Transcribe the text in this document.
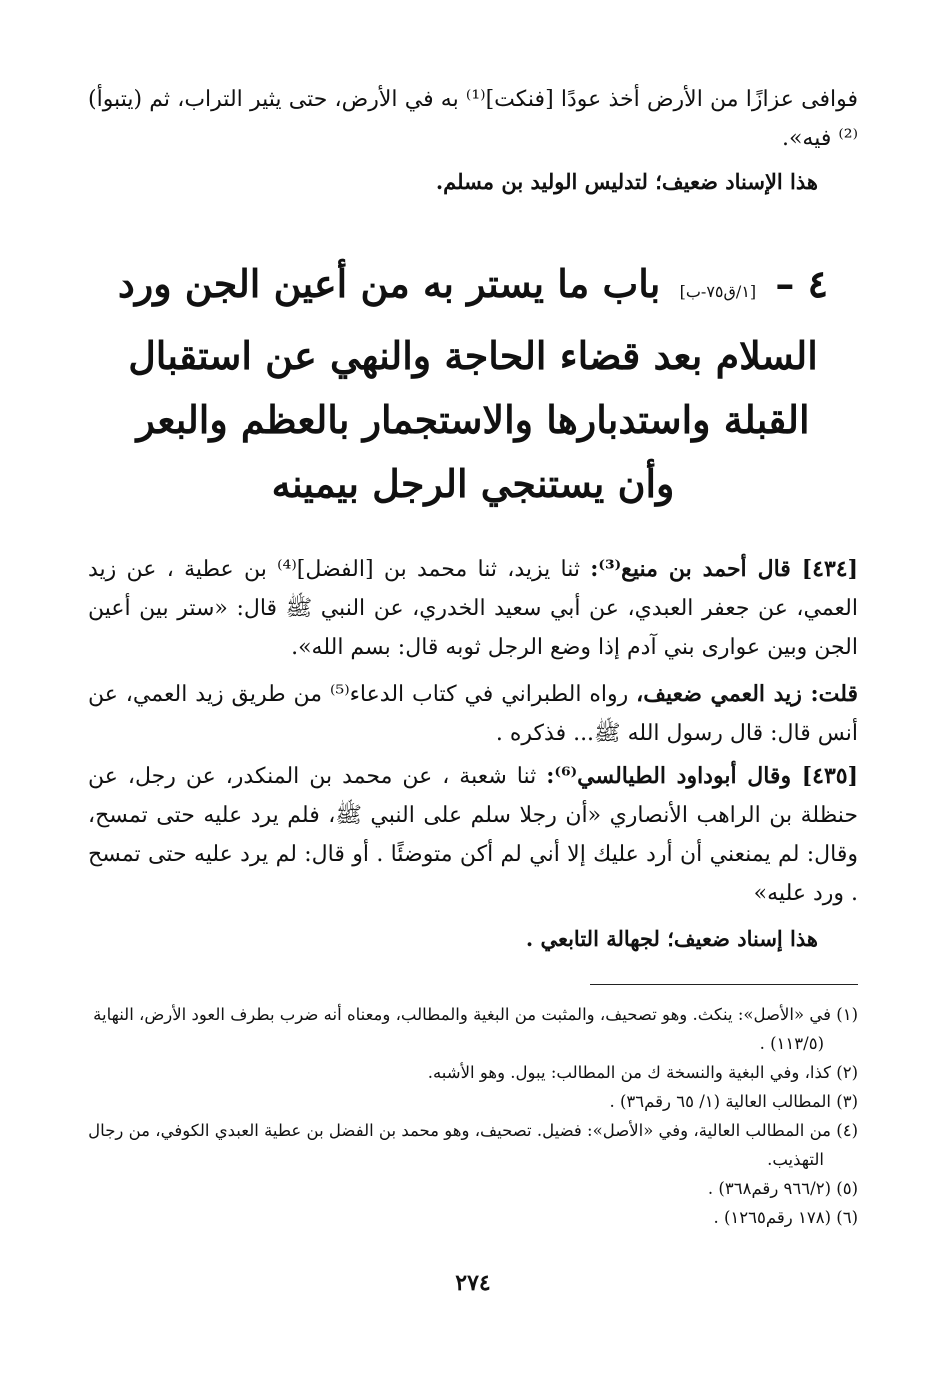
فوافى عزازًا من الأرض أخذ عودًا [فنكت]⁽¹⁾ به في الأرض، حتى يثير التراب، ثم (يتبوأ)⁽²⁾ فيه».

هذا الإسناد ضعيف؛ لتدليس الوليد بن مسلم.

٤ – [١/ق٧٥-ب] باب ما يستر به من أعين الجن ورد
السلام بعد قضاء الحاجة والنهي عن استقبال
القبلة واستدبارها والاستجمار بالعظم والبعر
وأن يستنجي الرجل بيمينه

[٤٣٤] قال أحمد بن منيع⁽³⁾: ثنا يزيد، ثنا محمد بن [الفضل]⁽⁴⁾ بن عطية ، عن زيد العمي، عن جعفر العبدي، عن أبي سعيد الخدري، عن النبي ﷺ قال: «ستر بين أعين الجن وبين عوارى بني آدم إذا وضع الرجل ثوبه قال: بسم الله».

قلت: زيد العمي ضعيف، رواه الطبراني في كتاب الدعاء⁽⁵⁾ من طريق زيد العمي، عن أنس قال: قال رسول الله ﷺ... فذكره .

[٤٣٥] وقال أبوداود الطيالسي⁽⁶⁾: ثنا شعبة ، عن محمد بن المنكدر، عن رجل، عن حنظلة بن الراهب الأنصاري «أن رجلا سلم على النبي ﷺ، فلم يرد عليه حتى تمسح، وقال: لم يمنعني أن أرد عليك إلا أني لم أكن متوضئًا . أو قال: لم يرد عليه حتى تمسح . ورد عليه»

هذا إسناد ضعيف؛ لجهالة التابعي .

(١) في «الأصل»: ينكث. وهو تصحيف، والمثبت من البغية والمطالب، ومعناه أنه ضرب بطرف العود الأرض، النهاية (١١٣/٥) .

(٢) كذا، وفي البغية والنسخة ك من المطالب: يبول. وهو الأشبه.

(٣) المطالب العالية (١/ ٦٥ رقم٣٦) .

(٤) من المطالب العالية، وفي «الأصل»: فضيل. تصحيف، وهو محمد بن الفضل بن عطية العبدي الكوفي، من رجال التهذيب.

(٥) (٩٦٦/٢ رقم٣٦٨) .

(٦) (١٧٨ رقم١٢٦٥) .

٢٧٤
